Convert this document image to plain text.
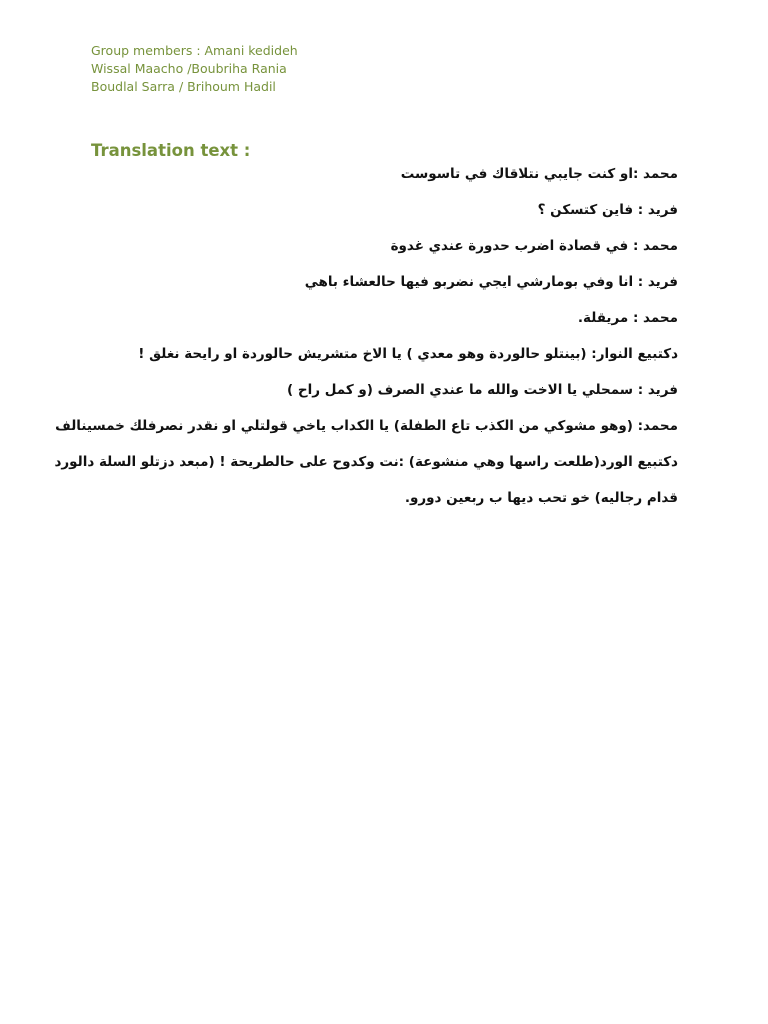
Group members : Amani kedideh
Wissal Maacho /Boubriha Rania
Boudlal Sarra / Brihoum Hadil
Translation text :
محمد :او كنت جايبي نتلاقاك في تاسوست
فريد : فاين كتسكن ؟
محمد : في قصادة اضرب حدورة عندي غدوة
فريد : انا وفي بومارشي ايجي نضربو فيها حالعشاء باهي
محمد : مريقلة.
دكتبيع النوار: (بينتلو حالوردة وهو معدي ) يا الاخ متشريش حالوردة او رايحة نغلق !
فريد : سمحلي يا الاخت والله ما عندي الصرف (و كمل راح )
محمد: (وهو مشوكي من الكذب تاع الطفلة) يا الكداب ياخي قولتلي او نقدر نصرفلك خمسينالف
دكتبيع الورد(طلعت راسها وهي منشوعة) :نت وكدوح على حالطريحة ! (مبعد دزتلو السلة دالورد
قدام رجاليه) خو تحب ديها ب ربعين دورو.
